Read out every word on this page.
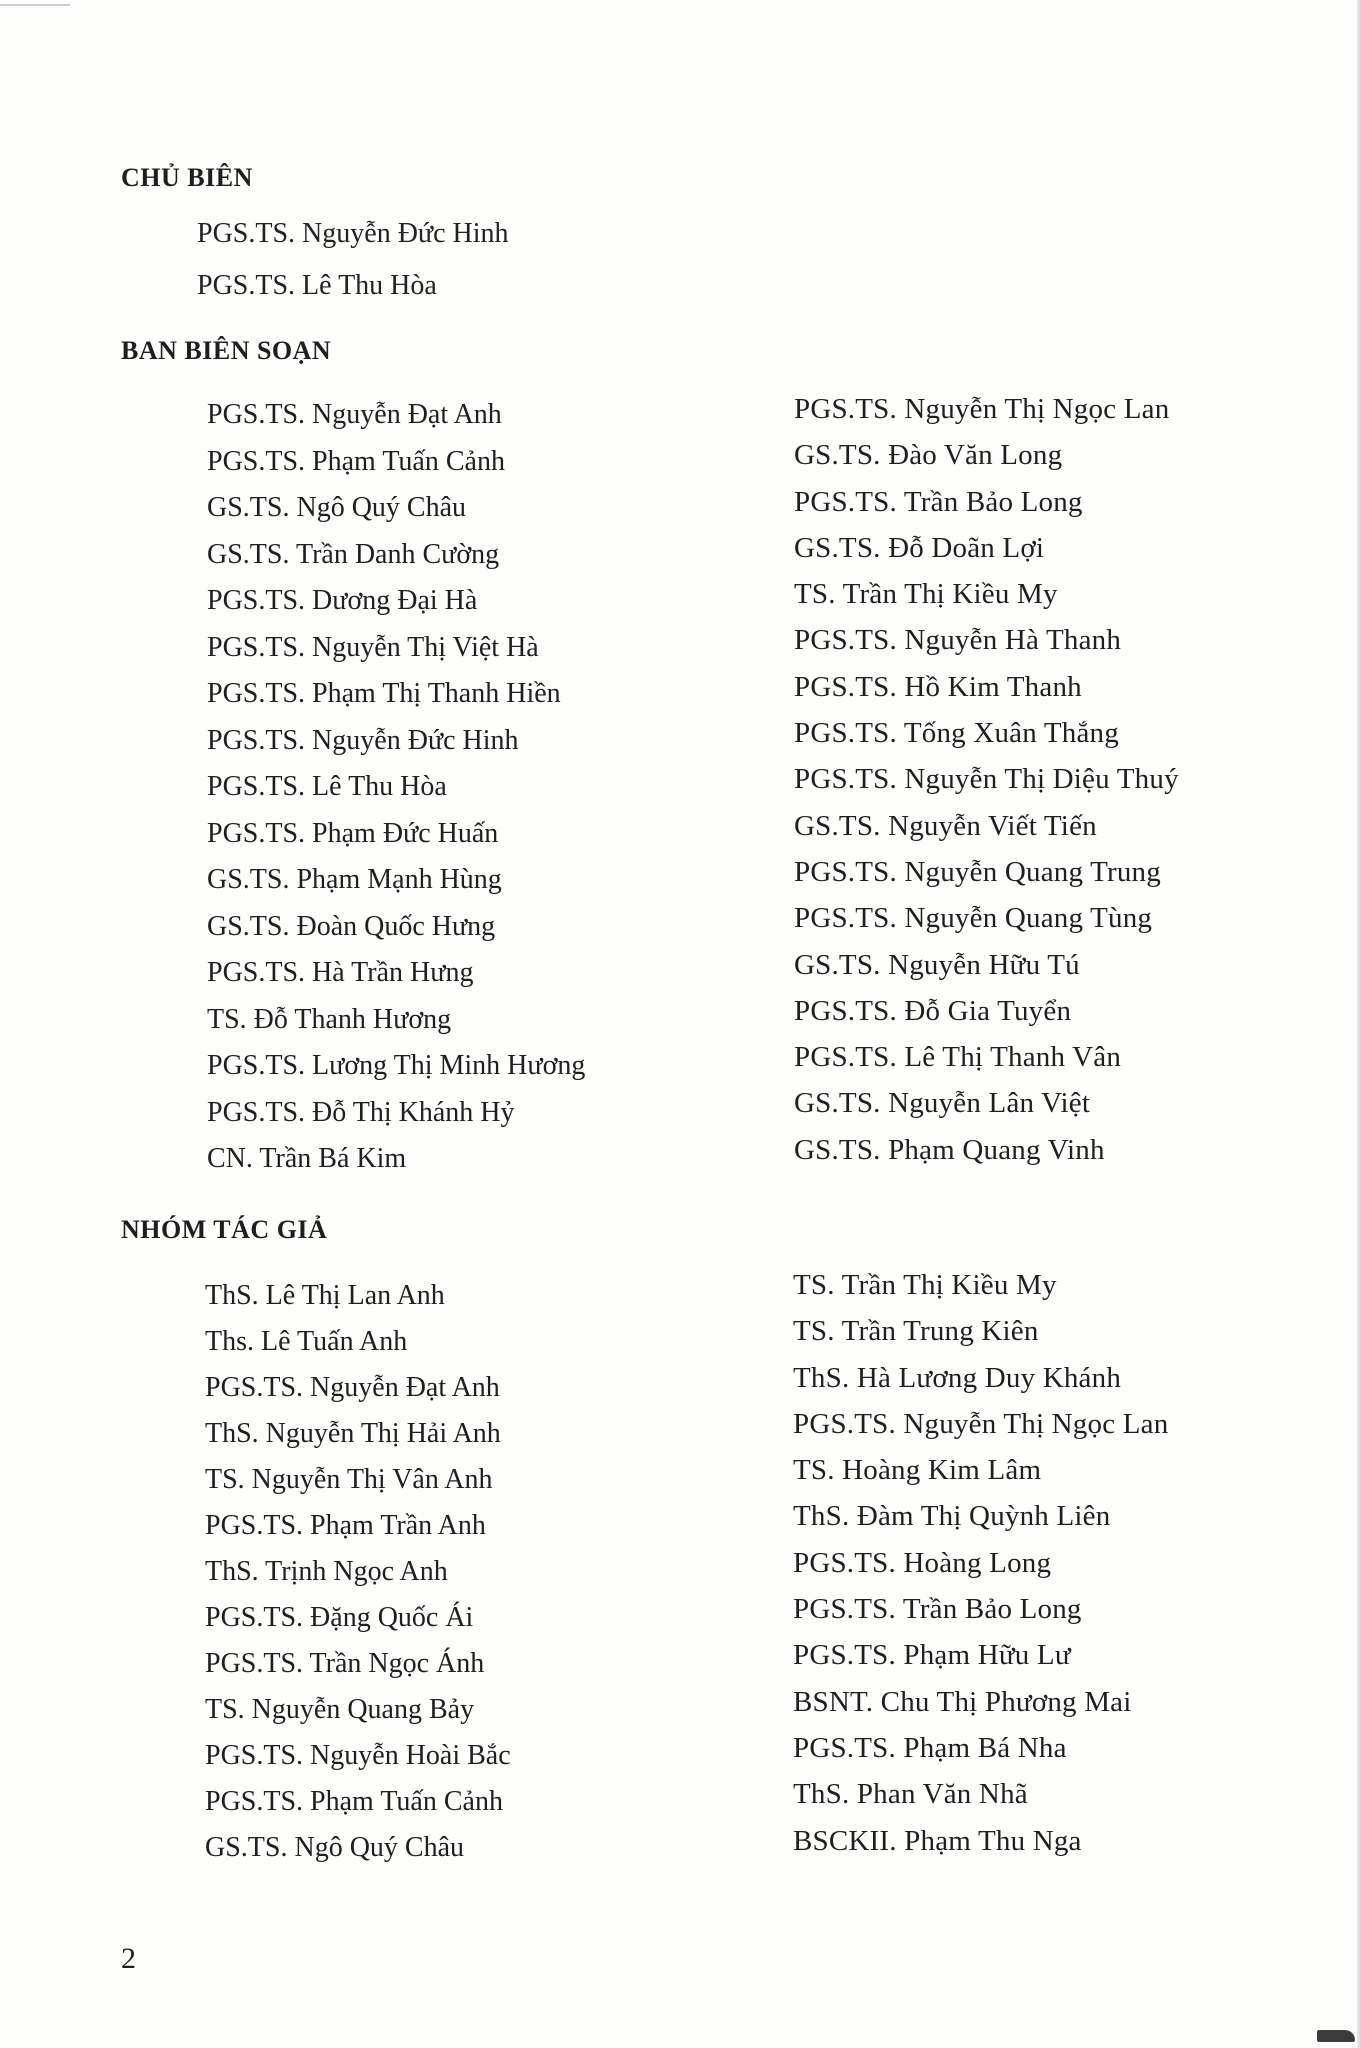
CHỦ BIÊN
PGS.TS. Nguyễn Đức Hinh
PGS.TS. Lê Thu Hòa
BAN BIÊN SOẠN
PGS.TS. Nguyễn Đạt Anh
PGS.TS. Phạm Tuấn Cảnh
GS.TS. Ngô Quý Châu
GS.TS. Trần Danh Cường
PGS.TS. Dương Đại Hà
PGS.TS. Nguyễn Thị Việt Hà
PGS.TS. Phạm Thị Thanh Hiền
PGS.TS. Nguyễn Đức Hinh
PGS.TS. Lê Thu Hòa
PGS.TS. Phạm Đức Huấn
GS.TS. Phạm Mạnh Hùng
GS.TS. Đoàn Quốc Hưng
PGS.TS. Hà Trần Hưng
TS. Đỗ Thanh Hương
PGS.TS. Lương Thị Minh Hương
PGS.TS. Đỗ Thị Khánh Hỷ
CN. Trần Bá Kim
PGS.TS. Nguyễn Thị Ngọc Lan
GS.TS. Đào Văn Long
PGS.TS. Trần Bảo Long
GS.TS. Đỗ Doãn Lợi
TS. Trần Thị Kiều My
PGS.TS. Nguyễn Hà Thanh
PGS.TS. Hồ Kim Thanh
PGS.TS. Tống Xuân Thắng
PGS.TS. Nguyễn Thị Diệu Thuý
GS.TS. Nguyễn Viết Tiến
PGS.TS. Nguyễn Quang Trung
PGS.TS. Nguyễn Quang Tùng
GS.TS. Nguyễn Hữu Tú
PGS.TS. Đỗ Gia Tuyển
PGS.TS. Lê Thị Thanh Vân
GS.TS. Nguyễn Lân Việt
GS.TS. Phạm Quang Vinh
NHÓM TÁC GIẢ
ThS. Lê Thị Lan Anh
Ths. Lê Tuấn Anh
PGS.TS. Nguyễn Đạt Anh
ThS. Nguyễn Thị Hải Anh
TS. Nguyễn Thị Vân Anh
PGS.TS. Phạm Trần Anh
ThS. Trịnh Ngọc Anh
PGS.TS. Đặng Quốc Ái
PGS.TS. Trần Ngọc Ánh
TS. Nguyễn Quang Bảy
PGS.TS. Nguyễn Hoài Bắc
PGS.TS. Phạm Tuấn Cảnh
GS.TS. Ngô Quý Châu
TS. Trần Thị Kiều My
TS. Trần Trung Kiên
ThS. Hà Lương Duy Khánh
PGS.TS. Nguyễn Thị Ngọc Lan
TS. Hoàng Kim Lâm
ThS. Đàm Thị Quỳnh Liên
PGS.TS. Hoàng Long
PGS.TS. Trần Bảo Long
PGS.TS. Phạm Hữu Lư
BSNT. Chu Thị Phương Mai
PGS.TS. Phạm Bá Nha
ThS. Phan Văn Nhã
BSCKII. Phạm Thu Nga
2
